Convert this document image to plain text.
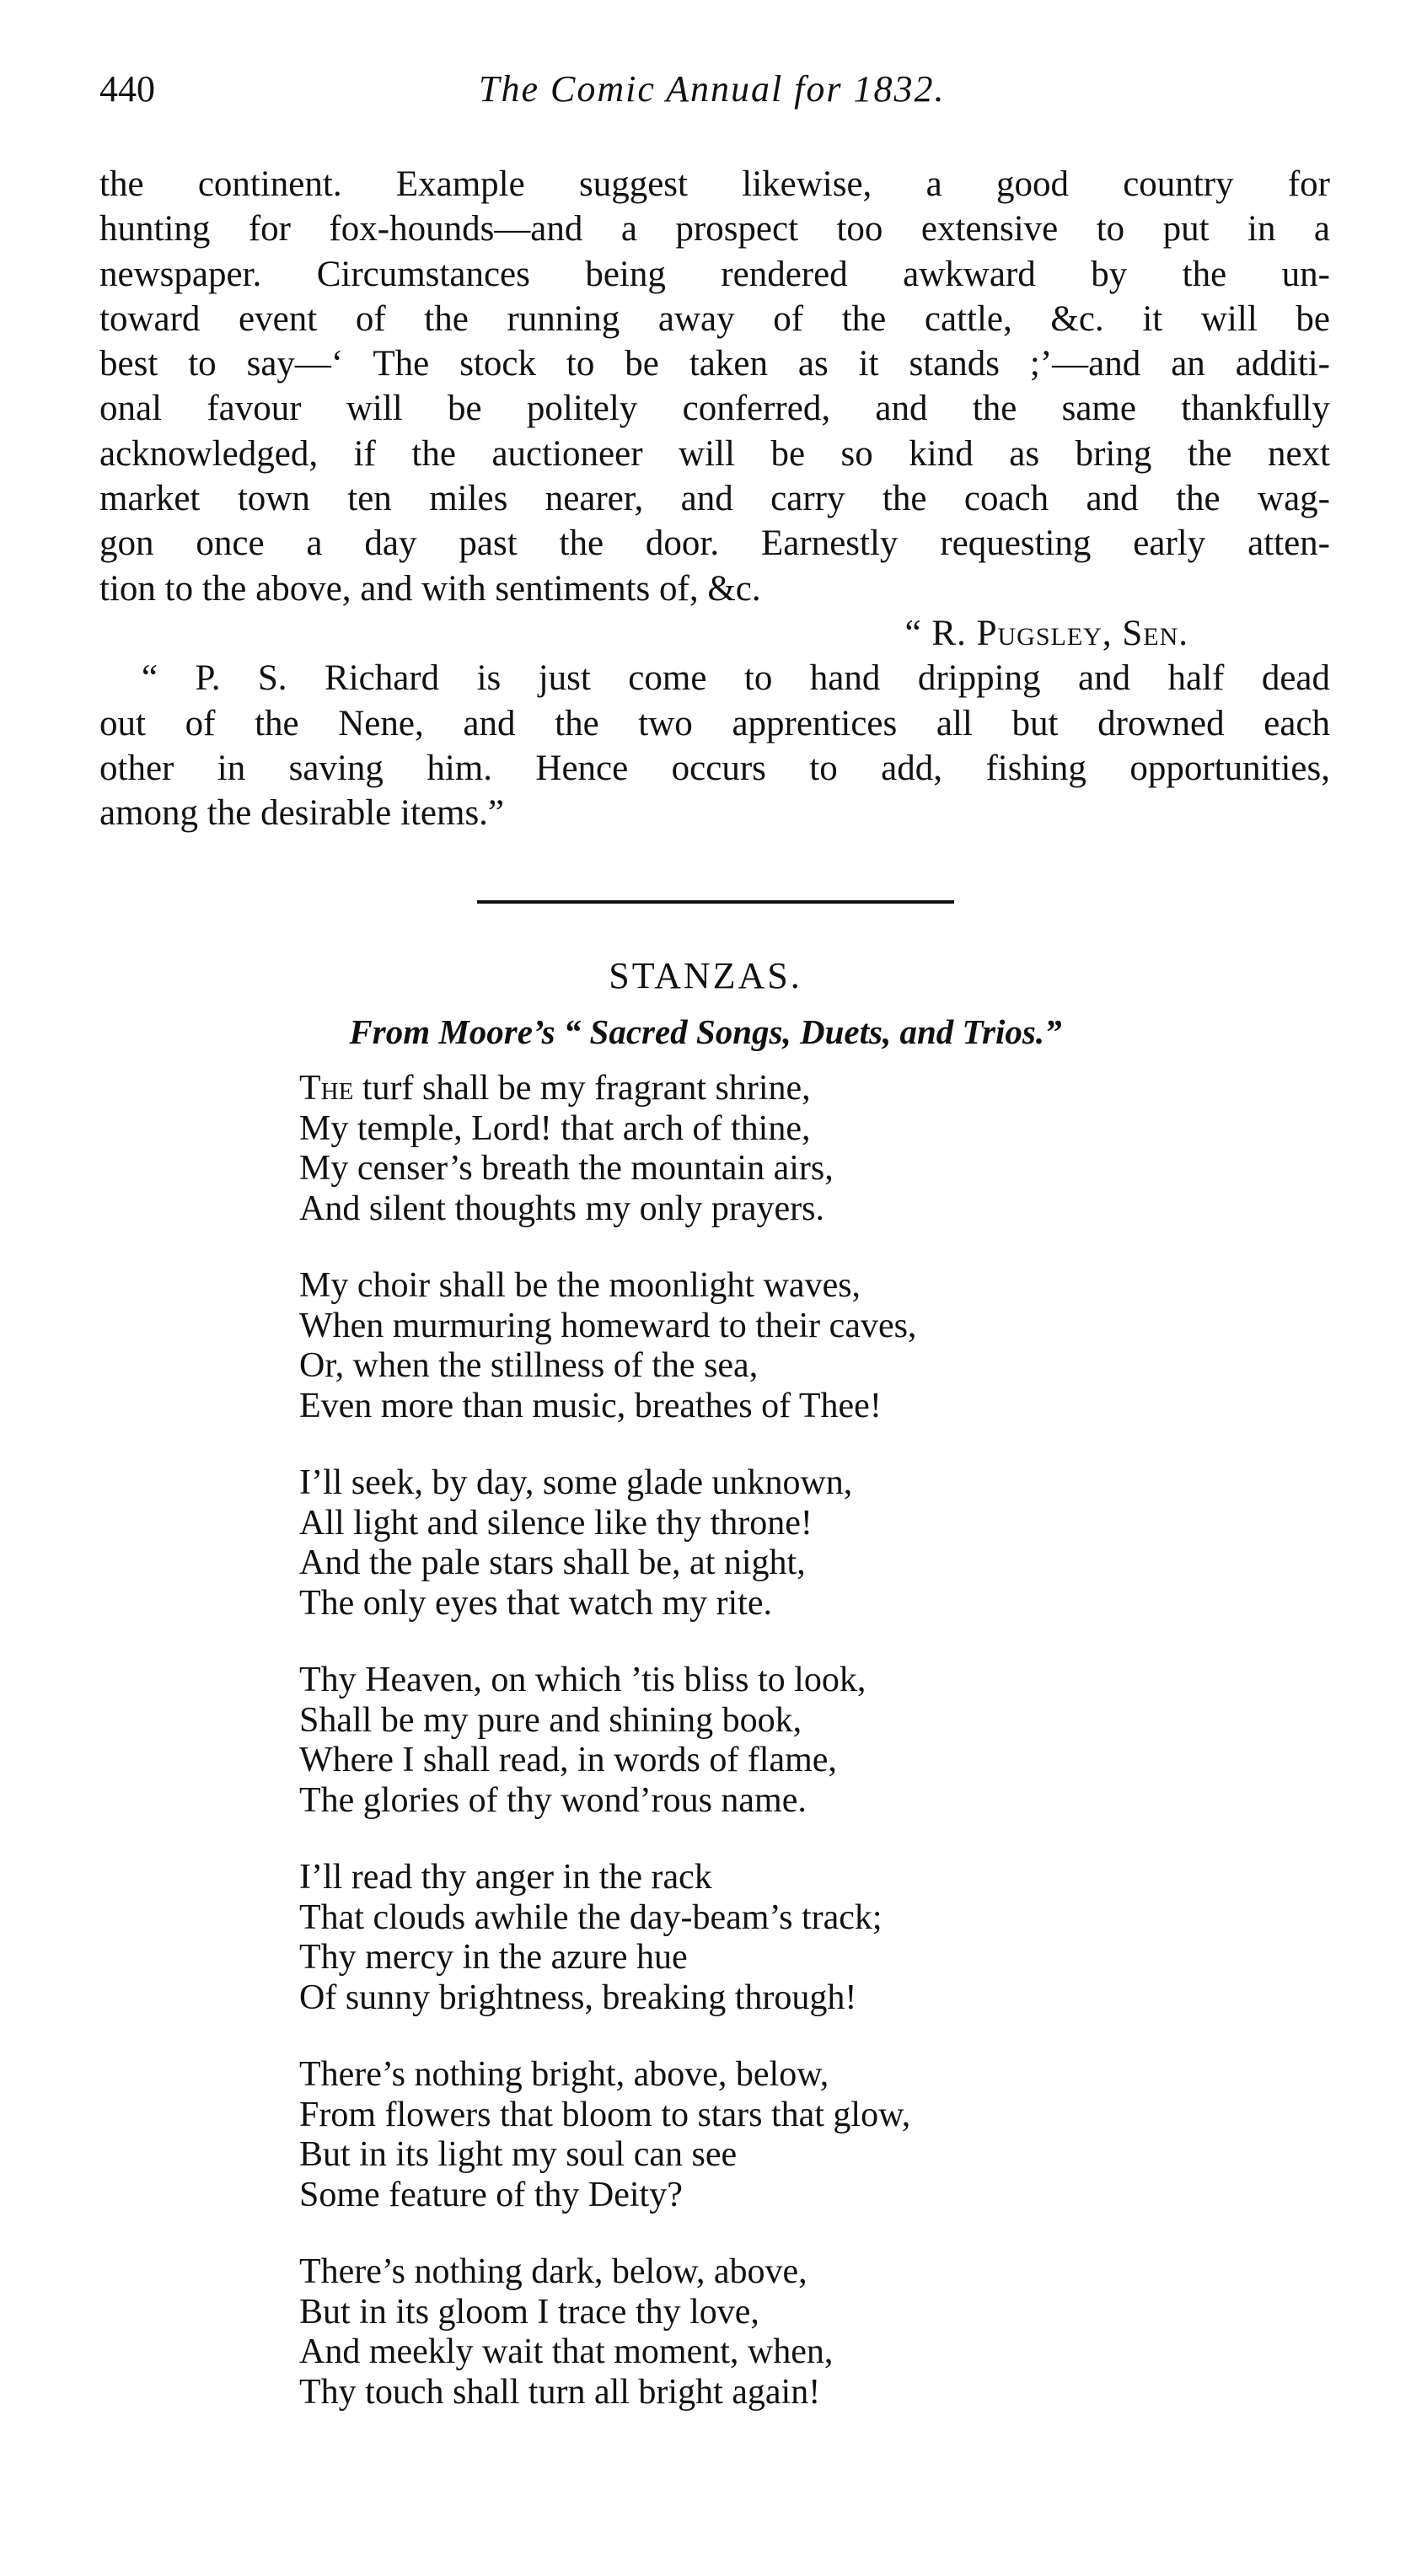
440	The Comic Annual for 1832.
the continent. Example suggest likewise, a good country for
hunting for fox-hounds—and a prospect too extensive to put in a
newspaper. Circumstances being rendered awkward by the un-
toward event of the running away of the cattle, &c. it will be
best to say—‘ The stock to be taken as it stands ;’—and an additi-
onal favour will be politely conferred, and the same thankfully
acknowledged, if the auctioneer will be so kind as bring the next
market town ten miles nearer, and carry the coach and the wag-
gon once a day past the door. Earnestly requesting early atten-
tion to the above, and with sentiments of, &c.
“ R. Pugsley, Sen.
“ P. S. Richard is just come to hand dripping and half dead
out of the Nene, and the two apprentices all but drowned each
other in saving him. Hence occurs to add, fishing opportunities,
among the desirable items.”
STANZAS.
From Moore’s “ Sacred Songs, Duets, and Trios.”
The turf shall be my fragrant shrine,
My temple, Lord! that arch of thine,
My censer’s breath the mountain airs,
And silent thoughts my only prayers.
My choir shall be the moonlight waves,
When murmuring homeward to their caves,
Or, when the stillness of the sea,
Even more than music, breathes of Thee!
I’ll seek, by day, some glade unknown,
All light and silence like thy throne!
And the pale stars shall be, at night,
The only eyes that watch my rite.
Thy Heaven, on which ’tis bliss to look,
Shall be my pure and shining book,
Where I shall read, in words of flame,
The glories of thy wond’rous name.
I’ll read thy anger in the rack
That clouds awhile the day-beam’s track;
Thy mercy in the azure hue
Of sunny brightness, breaking through!
There’s nothing bright, above, below,
From flowers that bloom to stars that glow,
But in its light my soul can see
Some feature of thy Deity?
There’s nothing dark, below, above,
But in its gloom I trace thy love,
And meekly wait that moment, when,
Thy touch shall turn all bright again!
